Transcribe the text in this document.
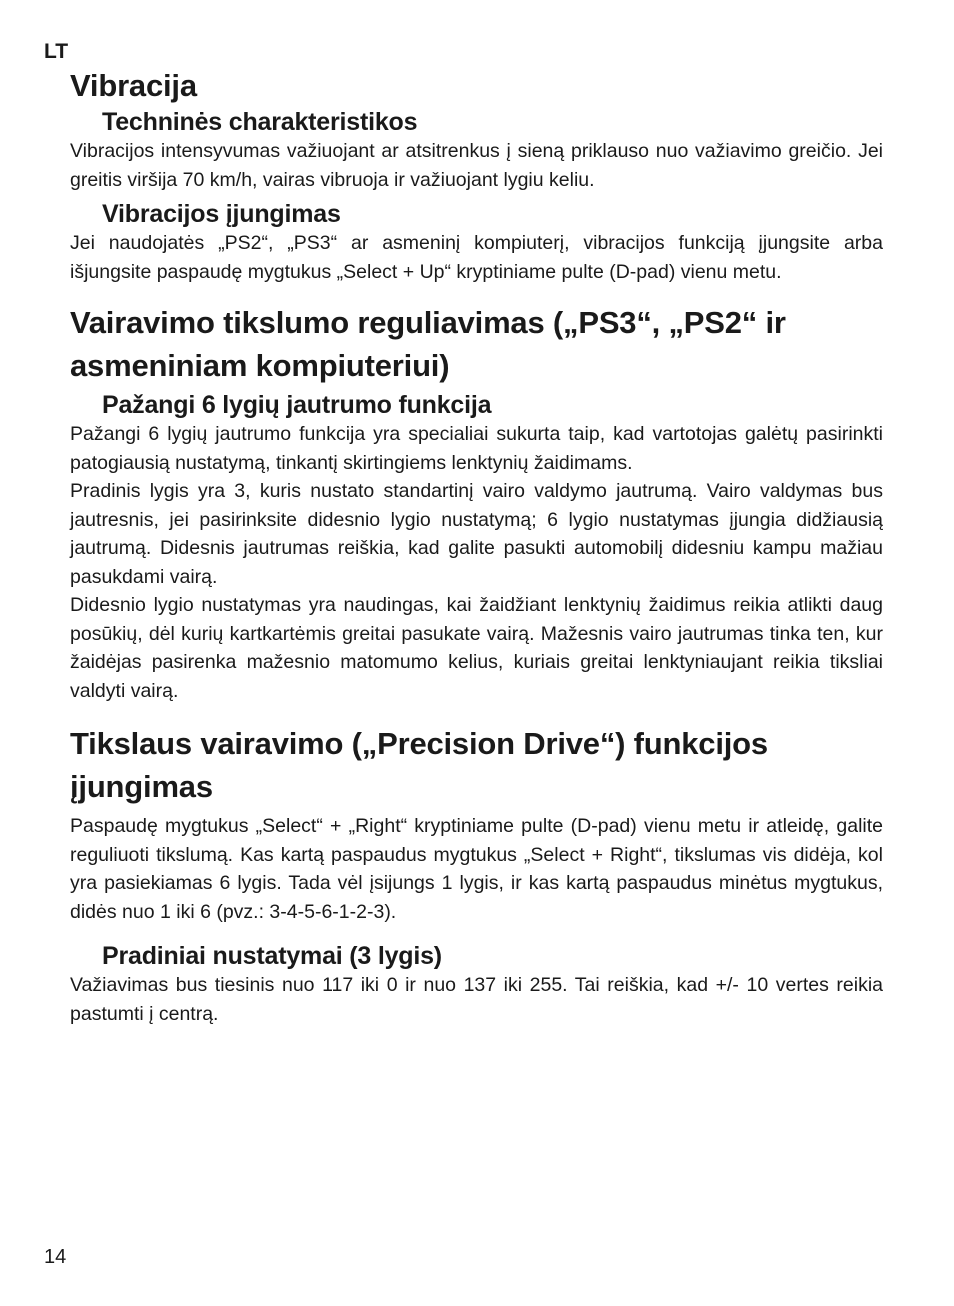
LT
Vibracija
Techninės charakteristikos

Vibracijos intensyvumas važiuojant ar atsitrenkus į sieną priklauso nuo važiavimo greičio. Jei greitis viršija 70 km/h, vairas vibruoja ir važiuojant lygiu keliu.

Vibracijos įjungimas

Jei naudojatės „PS2“, „PS3“ ar asmeninį kompiuterį, vibracijos funkciją įjungsite arba išjungsite paspaudę mygtukus „Select + Up“ kryptiniame pulte (D-pad) vienu metu.

Vairavimo tikslumo reguliavimas („PS3“, „PS2“ ir asmeniniam kompiuteriui)
Pažangi 6 lygių jautrumo funkcija

Pažangi 6 lygių jautrumo funkcija yra specialiai sukurta taip, kad vartotojas galėtų pasirinkti patogiausią nustatymą, tinkantį skirtingiems lenktynių žaidimams.

Pradinis lygis yra 3, kuris nustato standartinį vairo valdymo jautrumą. Vairo valdymas bus jautresnis, jei pasirinksite didesnio lygio nustatymą; 6 lygio nustatymas įjungia didžiausią jautrumą. Didesnis jautrumas reiškia, kad galite pasukti automobilį didesniu kampu mažiau pasukdami vairą.

Didesnio lygio nustatymas yra naudingas, kai žaidžiant lenktynių žaidimus reikia atlikti daug posūkių, dėl kurių kartkartėmis greitai pasukate vairą. Mažesnis vairo jautrumas tinka ten, kur žaidėjas pasirenka mažesnio matomumo kelius, kuriais greitai lenktyniaujant reikia tiksliai valdyti vairą.

Tikslaus vairavimo („Precision Drive“) funkcijos įjungimas

Paspaudę mygtukus „Select“ + „Right“ kryptiniame pulte (D-pad) vienu metu ir atleidę, galite reguliuoti tikslumą. Kas kartą paspaudus mygtukus „Select + Right“, tikslumas vis didėja, kol yra pasiekiamas 6 lygis. Tada vėl įsijungs 1 lygis, ir kas kartą paspaudus minėtus mygtukus, didės nuo 1 iki 6 (pvz.: 3-4-5-6-1-2-3).

Pradiniai nustatymai (3 lygis)

Važiavimas bus tiesinis nuo 117 iki 0 ir nuo 137 iki 255. Tai reiškia, kad +/- 10 vertes reikia pastumti į centrą.

14
